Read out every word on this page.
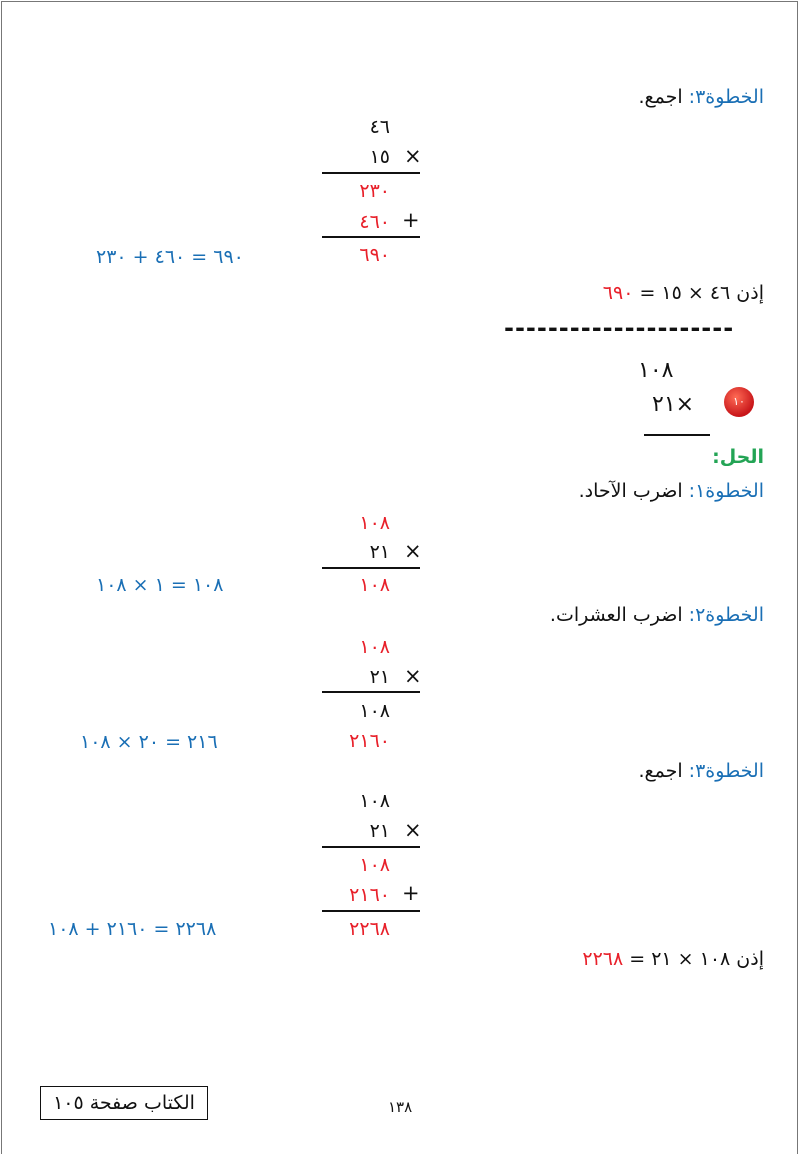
الخطوة٣: اجمع.
٤٦
١٥ ×
٢٣٠
٤٦٠ +
٦٩٠
٦٩٠ = ٤٦٠ + ٢٣٠
إذن ٤٦ × ١٥ = ٦٩٠
---------------------
١٠٨
٢١×	١٠
الحل:
الخطوة١: اضرب الآحاد.
١٠٨
٢١ ×
١٠٨
١٠٨ = ١ × ١٠٨
الخطوة٢: اضرب العشرات.
١٠٨
٢١ ×
١٠٨
٢١٦٠
٢١٦ = ٢٠ × ١٠٨
الخطوة٣: اجمع.
١٠٨
٢١ ×
١٠٨
٢١٦٠ +
٢٢٦٨
٢٢٦٨ = ٢١٦٠ + ١٠٨
إذن ١٠٨ × ٢١ = ٢٢٦٨
١٣٨
الكتاب صفحة ١٠٥
